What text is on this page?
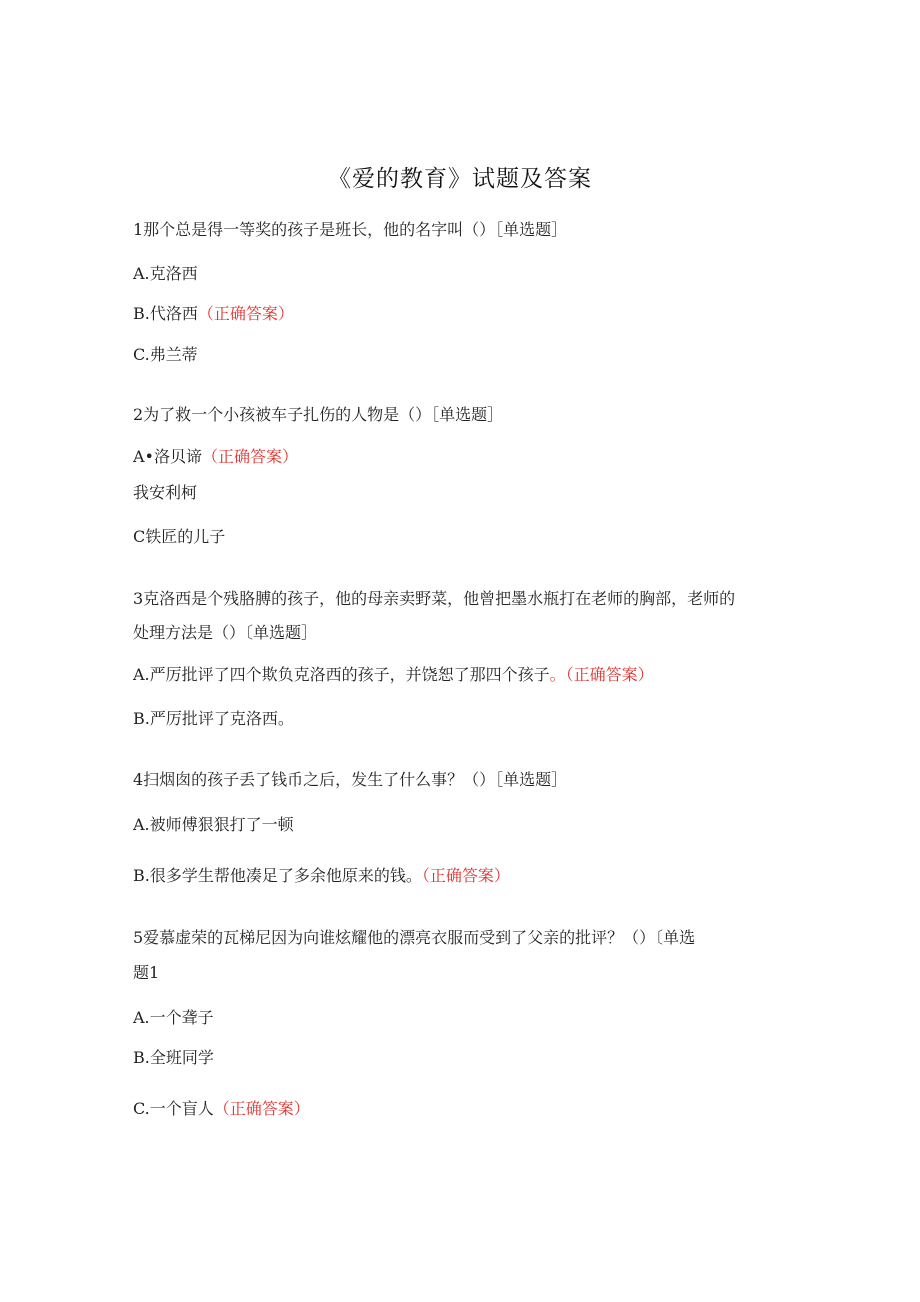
《爱的教育》试题及答案
1那个总是得一等奖的孩子是班长，他的名字叫（）［单选题］
A.克洛西
B.代洛西（正确答案）
C.弗兰蒂
2为了救一个小孩被车子扎伤的人物是（）［单选题］
A•洛贝谛（正确答案）
我安利柯
C铁匠的儿子
3克洛西是个残胳膊的孩子，他的母亲卖野菜，他曾把墨水瓶打在老师的胸部，老师的
处理方法是（）〔单选题］
A.严厉批评了四个欺负克洛西的孩子，并饶恕了那四个孩子。（正确答案）
B.严厉批评了克洛西。
4扫烟囱的孩子丢了钱币之后，发生了什么事？（）［单选题］
A.被师傅狠狠打了一顿
B.很多学生帮他凑足了多余他原来的钱。（正确答案）
5爱慕虚荣的瓦梯尼因为向谁炫耀他的漂亮衣服而受到了父亲的批评？（）〔单选
题1
A.一个聋子
B.全班同学
C.一个盲人（正确答案）
